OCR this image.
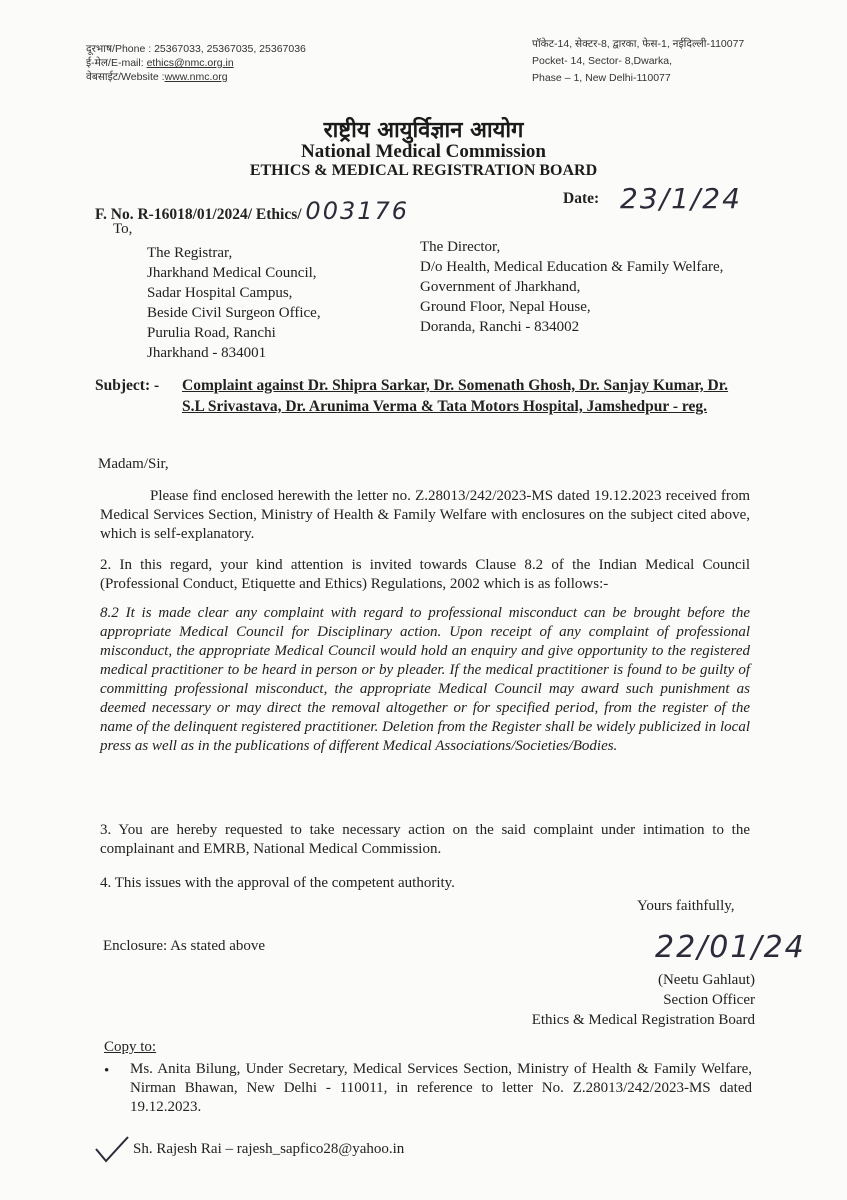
दूरभाष/Phone : 25367033, 25367035, 25367036
ई-मेल/E-mail: ethics@nmc.org.in
वेबसाईट/Website :www.nmc.org
पॉकेट-14, सेक्टर-8, द्वारका, फेस-1, नईदिल्ली-110077
Pocket- 14, Sector- 8,Dwarka,
Phase – 1, New Delhi-110077
राष्ट्रीय आयुर्विज्ञान आयोग
National Medical Commission
ETHICS & MEDICAL REGISTRATION BOARD
F. No. R-16018/01/2024/ Ethics/ 003176	Date: 23/1/24
To,
The Registrar,
Jharkhand Medical Council,
Sadar Hospital Campus,
Beside Civil Surgeon Office,
Purulia Road, Ranchi
Jharkhand - 834001
The Director,
D/o Health, Medical Education & Family Welfare,
Government of Jharkhand,
Ground Floor, Nepal House,
Doranda, Ranchi - 834002
Subject: - Complaint against Dr. Shipra Sarkar, Dr. Somenath Ghosh, Dr. Sanjay Kumar, Dr. S.L Srivastava, Dr. Arunima Verma & Tata Motors Hospital, Jamshedpur - reg.
Madam/Sir,
Please find enclosed herewith the letter no. Z.28013/242/2023-MS dated 19.12.2023 received from Medical Services Section, Ministry of Health & Family Welfare with enclosures on the subject cited above, which is self-explanatory.
2. In this regard, your kind attention is invited towards Clause 8.2 of the Indian Medical Council (Professional Conduct, Etiquette and Ethics) Regulations, 2002 which is as follows:-
8.2 It is made clear any complaint with regard to professional misconduct can be brought before the appropriate Medical Council for Disciplinary action. Upon receipt of any complaint of professional misconduct, the appropriate Medical Council would hold an enquiry and give opportunity to the registered medical practitioner to be heard in person or by pleader. If the medical practitioner is found to be guilty of committing professional misconduct, the appropriate Medical Council may award such punishment as deemed necessary or may direct the removal altogether or for specified period, from the register of the name of the delinquent registered practitioner. Deletion from the Register shall be widely publicized in local press as well as in the publications of different Medical Associations/Societies/Bodies.
3. You are hereby requested to take necessary action on the said complaint under intimation to the complainant and EMRB, National Medical Commission.
4. This issues with the approval of the competent authority.
Yours faithfully,
Enclosure: As stated above	22/01/24
(Neetu Gahlaut)
Section Officer
Ethics & Medical Registration Board
Copy to:
• Ms. Anita Bilung, Under Secretary, Medical Services Section, Ministry of Health & Family Welfare, Nirman Bhawan, New Delhi - 110011, in reference to letter No. Z.28013/242/2023-MS dated 19.12.2023.
Sh. Rajesh Rai – rajesh_sapfico28@yahoo.in
